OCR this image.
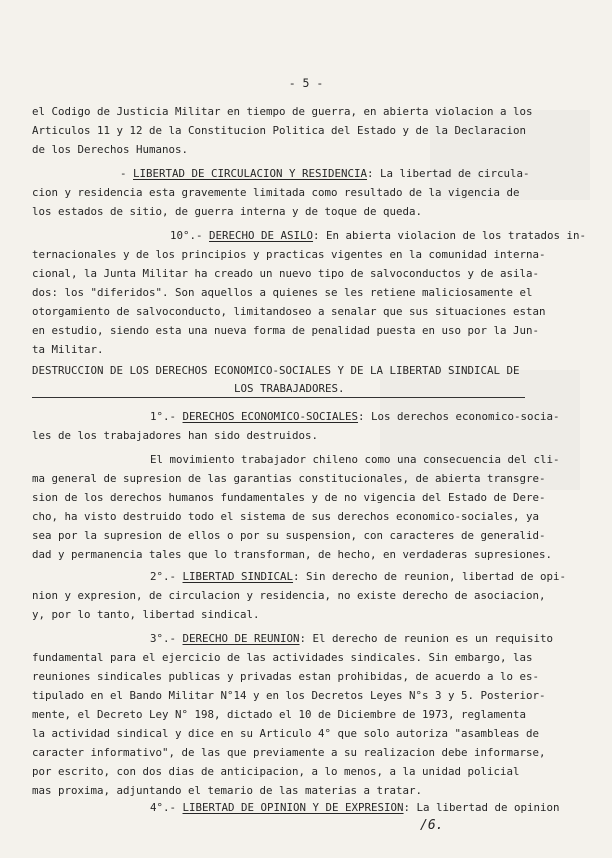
- 5 -
el Codigo de Justicia Militar en tiempo de guerra, en abierta violacion a los
Articulos 11 y 12 de la Constitucion Politica del Estado y de la Declaracion
de los Derechos Humanos.
- LIBERTAD DE CIRCULACION Y RESIDENCIA: La libertad de circula-
cion y residencia esta gravemente limitada como resultado de la vigencia de
los estados de sitio, de guerra interna y de toque de queda.
10°.- DERECHO DE ASILO: En abierta violacion de los tratados in-
ternacionales y de los principios y practicas vigentes en la comunidad interna-
cional, la Junta Militar ha creado un nuevo tipo de salvoconductos y de asila-
dos: los "diferidos". Son aquellos a quienes se les retiene maliciosamente el
otorgamiento de salvoconducto, limitandoseo a senalar que sus situaciones estan
en estudio, siendo esta una nueva forma de penalidad puesta en uso por la Jun-
ta Militar.
DESTRUCCION DE LOS DERECHOS ECONOMICO-SOCIALES Y DE LA LIBERTAD SINDICAL DE
LOS TRABAJADORES.
1°.- DERECHOS ECONOMICO-SOCIALES: Los derechos economico-socia-
les de los trabajadores han sido destruidos.
El movimiento trabajador chileno como una consecuencia del cli-
ma general de supresion de las garantias constitucionales, de abierta transgre-
sion de los derechos humanos fundamentales y de no vigencia del Estado de Dere-
cho, ha visto destruido todo el sistema de sus derechos economico-sociales, ya
sea por la supresion de ellos o por su suspension, con caracteres de generalid-
dad y permanencia tales que lo transforman, de hecho, en verdaderas supresiones.
2°.- LIBERTAD SINDICAL: Sin derecho de reunion, libertad de opi-
nion y expresion, de circulacion y residencia, no existe derecho de asociacion,
y, por lo tanto, libertad sindical.
3°.- DERECHO DE REUNION: El derecho de reunion es un requisito
fundamental para el ejercicio de las actividades sindicales. Sin embargo, las
reuniones sindicales publicas y privadas estan prohibidas, de acuerdo a lo es-
tipulado en el Bando Militar N°14 y en los Decretos Leyes N°s 3 y 5. Posterior-
mente, el Decreto Ley N° 198, dictado el 10 de Diciembre de 1973, reglamenta
la actividad sindical y dice en su Articulo 4° que solo autoriza "asambleas de
caracter informativo", de las que previamente a su realizacion debe informarse,
por escrito, con dos dias de anticipacion, a lo menos, a la unidad policial
mas proxima, adjuntando el temario de las materias a tratar.
4°.- LIBERTAD DE OPINION Y DE EXPRESION: La libertad de opinion
/6.
